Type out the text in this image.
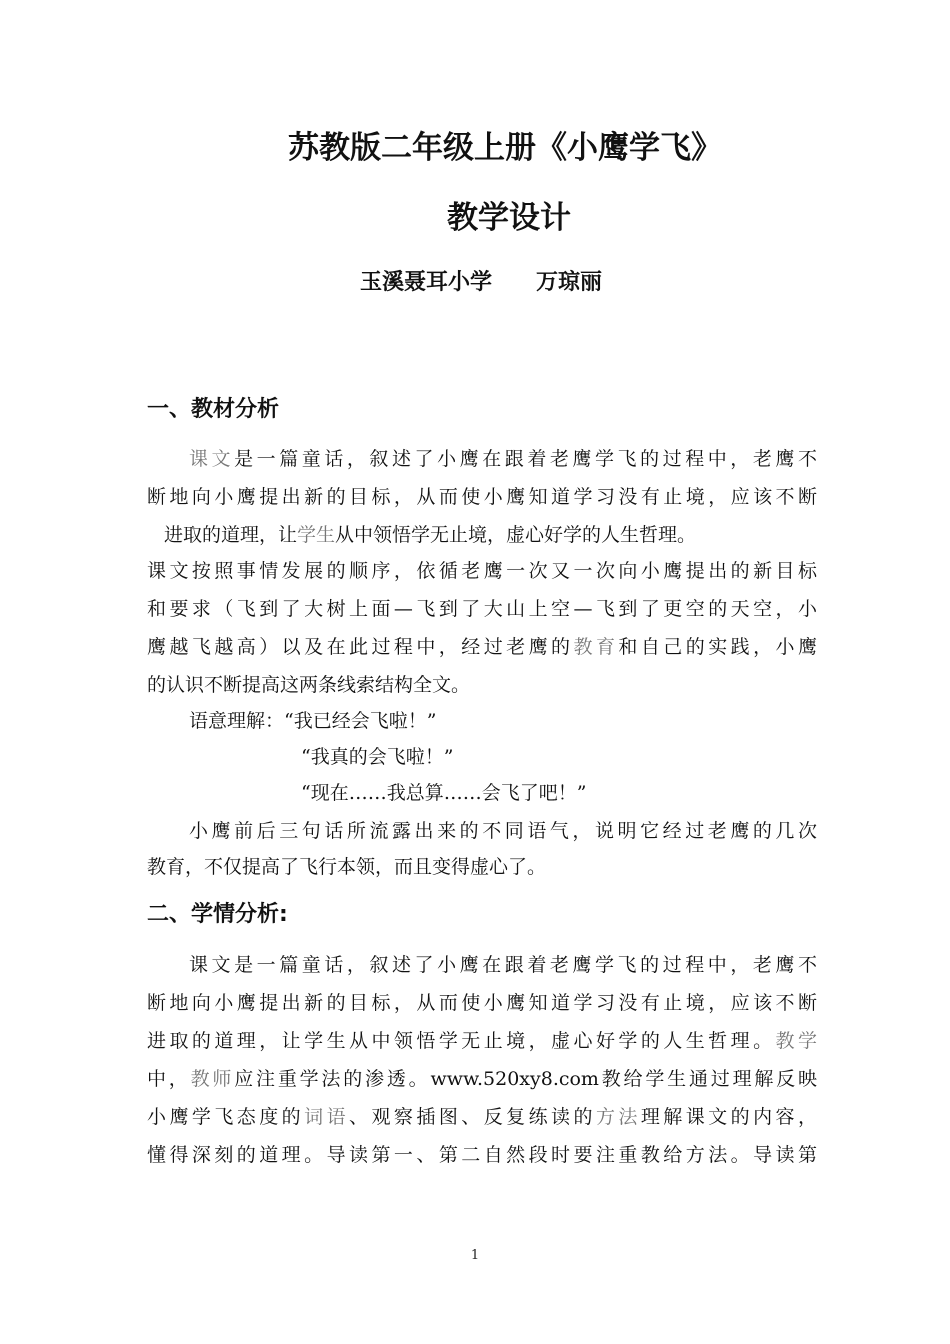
苏教版二年级上册《小鹰学飞》
教学设计
玉溪聂耳小学　　万琼丽
一、教材分析
课文是一篇童话，叙述了小鹰在跟着老鹰学飞的过程中，老鹰不
断地向小鹰提出新的目标，从而使小鹰知道学习没有止境，应该不断
进取的道理，让学生从中领悟学无止境，虚心好学的人生哲理。
课文按照事情发展的顺序，依循老鹰一次又一次向小鹰提出的新目标
和要求（飞到了大树上面—飞到了大山上空—飞到了更空的天空，小
鹰越飞越高）以及在此过程中，经过老鹰的教育和自己的实践，小鹰
的认识不断提高这两条线索结构全文。
语意理解：“我已经会飞啦！”
“我真的会飞啦！”
“现在……我总算……会飞了吧！”
小鹰前后三句话所流露出来的不同语气，说明它经过老鹰的几次
教育，不仅提高了飞行本领，而且变得虚心了。
二、学情分析:
课文是一篇童话，叙述了小鹰在跟着老鹰学飞的过程中，老鹰不
断地向小鹰提出新的目标，从而使小鹰知道学习没有止境，应该不断
进取的道理，让学生从中领悟学无止境，虚心好学的人生哲理。教学
中，教师应注重学法的渗透。www.520xy8.com教给学生通过理解反映
小鹰学飞态度的词语、观察插图、反复练读的方法理解课文的内容，
懂得深刻的道理。导读第一、第二自然段时要注重教给方法。导读第
1
